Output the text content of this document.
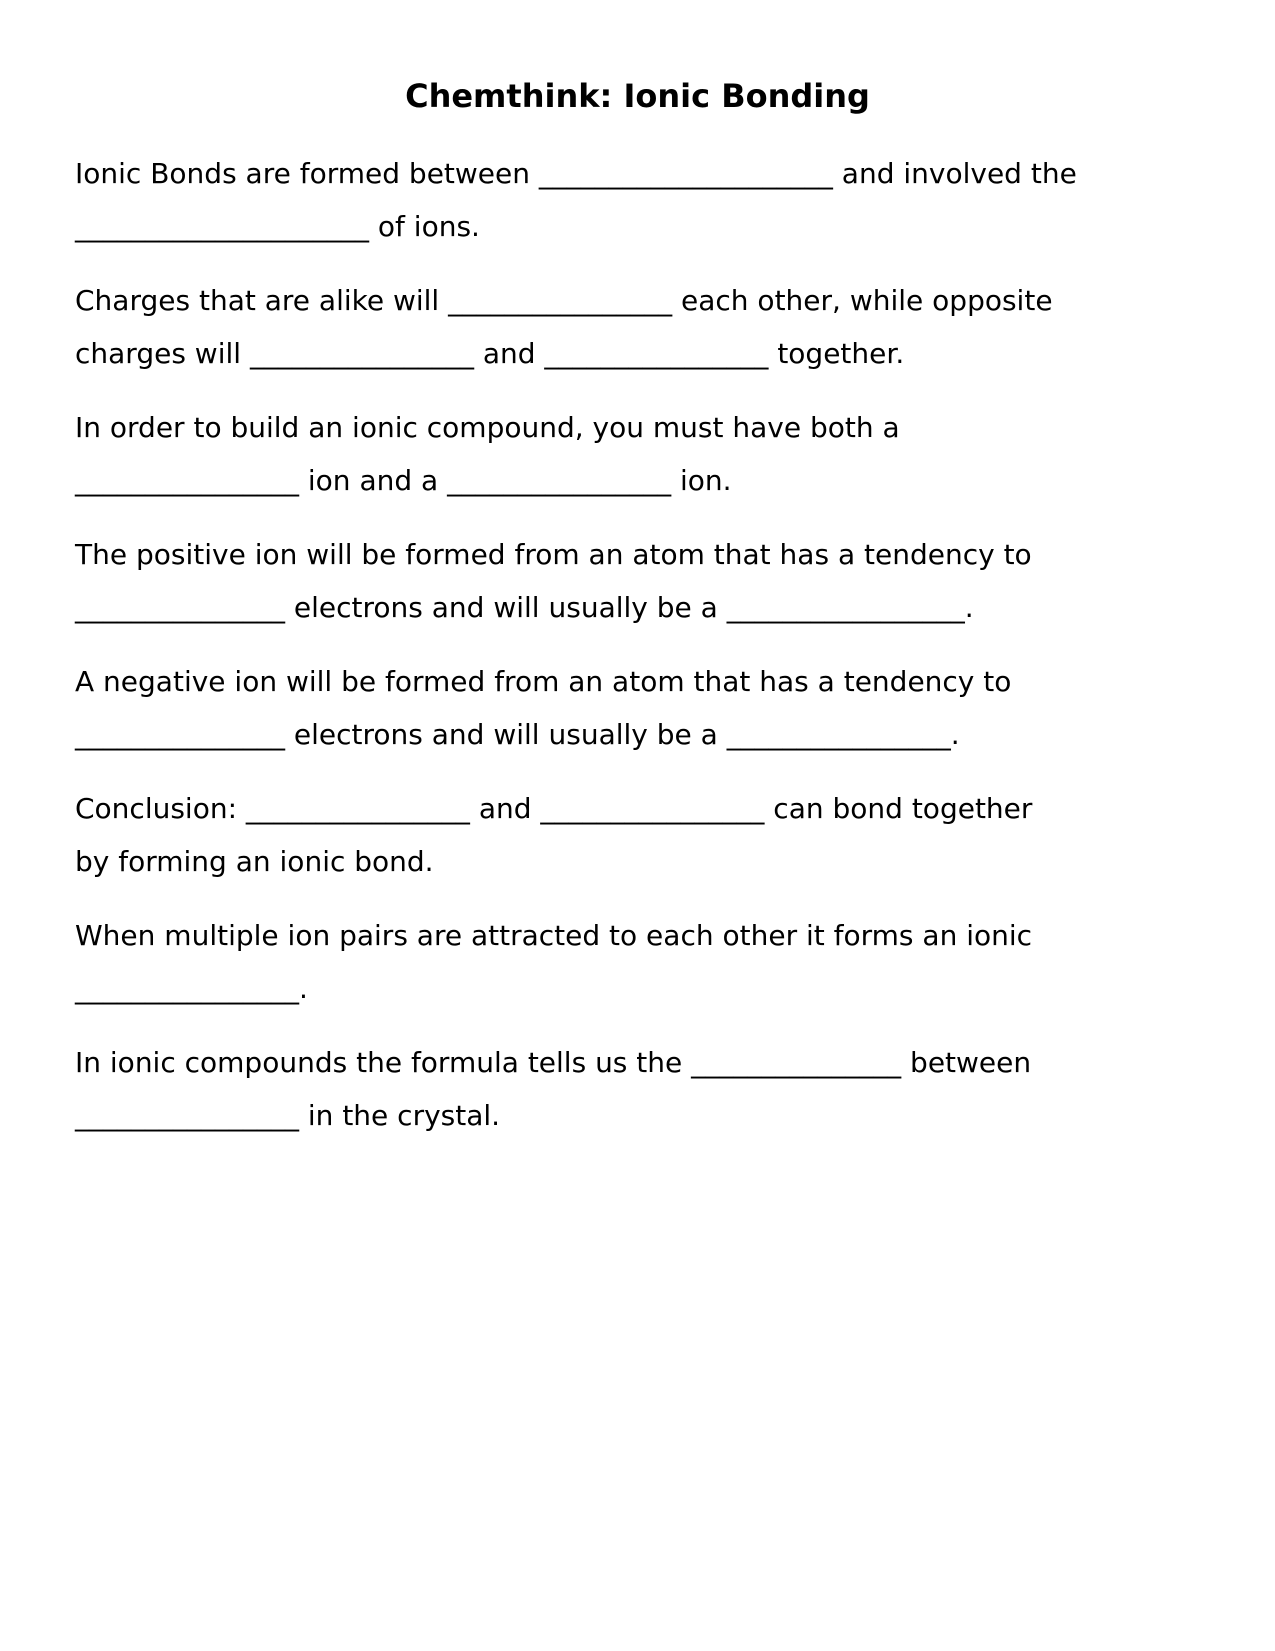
Chemthink: Ionic Bonding

Ionic Bonds are formed between _____________________ and involved the
_____________________ of ions.

Charges that are alike will ________________ each other, while opposite
charges will ________________ and ________________ together.

In order to build an ionic compound, you must have both a
________________ ion and a ________________ ion.

The positive ion will be formed from an atom that has a tendency to
_______________ electrons and will usually be a _________________.

A negative ion will be formed from an atom that has a tendency to
_______________ electrons and will usually be a ________________.

Conclusion: ________________ and ________________ can bond together
by forming an ionic bond.

When multiple ion pairs are attracted to each other it forms an ionic
________________.

In ionic compounds the formula tells us the _______________ between
________________ in the crystal.
